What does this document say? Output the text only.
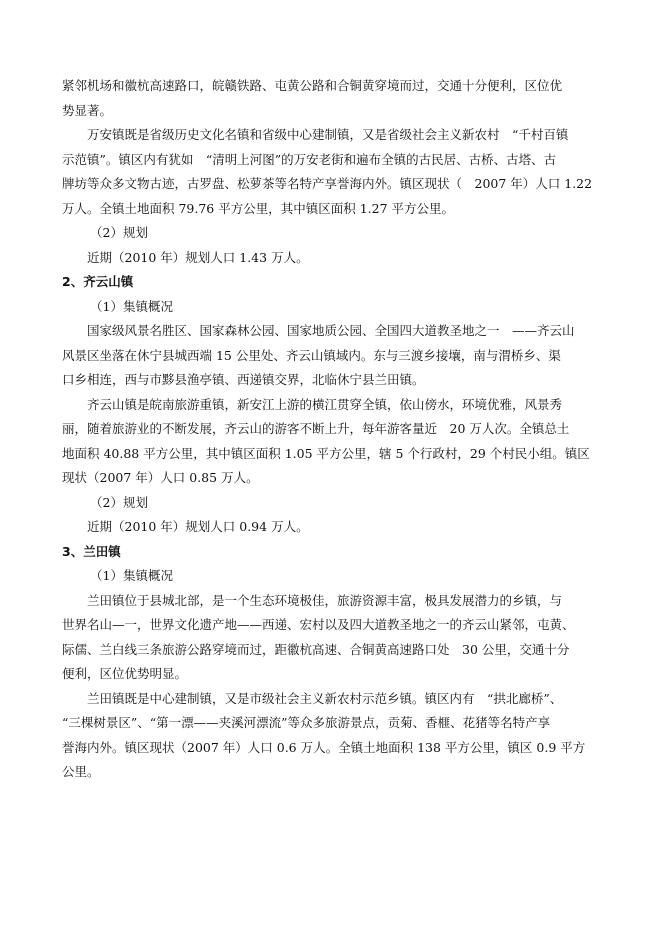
紧邻机场和徽杭高速路口，皖赣铁路、屯黄公路和合铜黄穿境而过，交通十分便利，区位优
势显著。
万安镇既是省级历史文化名镇和省级中心建制镇，又是省级社会主义新农村　“千村百镇
示范镇”。镇区内有犹如　“清明上河图”的万安老街和遍布全镇的古民居、古桥、古塔、古
牌坊等众多文物古迹，古罗盘、松萝茶等名特产享誉海内外。镇区现状（　2007 年）人口 1.22
万人。全镇土地面积 79.76 平方公里，其中镇区面积 1.27 平方公里。
（2）规划
近期（2010 年）规划人口 1.43 万人。
2、齐云山镇
（1）集镇概况
国家级风景名胜区、国家森林公园、国家地质公园、全国四大道教圣地之一　——齐云山
风景区坐落在休宁县城西端 15 公里处、齐云山镇域内。东与三渡乡接壤，南与渭桥乡、渠
口乡相连，西与市黟县渔亭镇、西递镇交界，北临休宁县兰田镇。
齐云山镇是皖南旅游重镇，新安江上游的横江贯穿全镇，依山傍水，环境优雅，风景秀
丽，随着旅游业的不断发展，齐云山的游客不断上升，每年游客量近　20 万人次。全镇总土
地面积 40.88 平方公里，其中镇区面积 1.05 平方公里，辖 5 个行政村，29 个村民小组。镇区
现状（2007 年）人口 0.85 万人。
（2）规划
近期（2010 年）规划人口 0.94 万人。
3、兰田镇
（1）集镇概况
兰田镇位于县城北部，是一个生态环境极佳，旅游资源丰富，极具发展潜力的乡镇，与
世界名山—一，世界文化遗产地——西递、宏村以及四大道教圣地之一的齐云山紧邻，屯黄、
际儒、兰白线三条旅游公路穿境而过，距徽杭高速、合铜黄高速路口处　30 公里，交通十分
便利，区位优势明显。
兰田镇既是中心建制镇，又是市级社会主义新农村示范乡镇。镇区内有　“拱北廊桥”、
“三棵树景区”、“第一漂——夹溪河漂流”等众多旅游景点，贡菊、香榧、花猪等名特产享
誉海内外。镇区现状（2007 年）人口 0.6 万人。全镇土地面积 138 平方公里，镇区 0.9 平方
公里。
